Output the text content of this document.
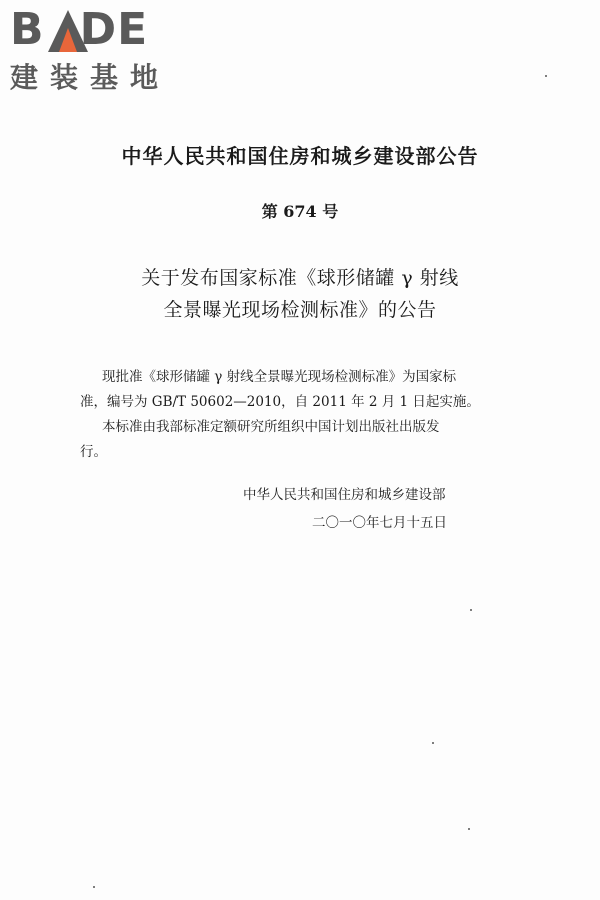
B DE
建装基地
中华人民共和国住房和城乡建设部公告
第 674 号
关于发布国家标准《球形储罐 γ 射线
全景曝光现场检测标准》的公告
现批准《球形储罐 γ 射线全景曝光现场检测标准》为国家标
准，编号为 GB/T 50602—2010，自 2011 年 2 月 1 日起实施。
本标准由我部标准定额研究所组织中国计划出版社出版发
行。
中华人民共和国住房和城乡建设部
二〇一〇年七月十五日
